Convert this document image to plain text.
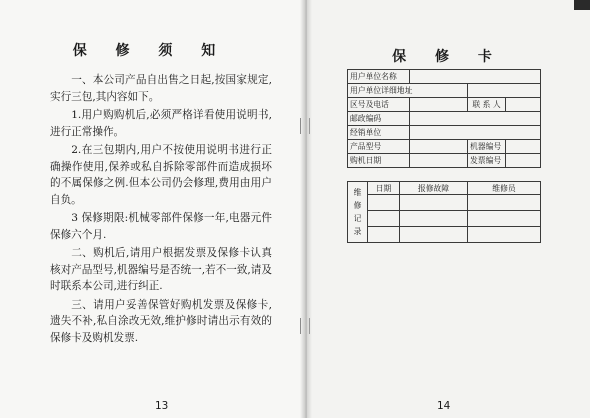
保 修 须 知

一、本公司产品自出售之日起,按国家规定,实行三包,其内容如下。

1.用户购购机后,必须严格详看使用说明书,进行正常操作。

2.在三包期内,用户不按使用说明书进行正确操作使用,保养或私自拆除零部件而造成损坏的不属保修之例.但本公司仍会修理,费用由用户自负。

3 保修期限:机械零部件保修一年,电器元件保修六个月.

二、购机后,请用户根据发票及保修卡认真核对产品型号,机器编号是否统一,若不一致,请及时联系本公司,进行纠正.

三、请用户妥善保管好购机发票及保修卡,遗失不补,私自涂改无效,维护修时请出示有效的保修卡及购机发票.

13
保 修 卡
用户单位名称			
用户单位详细地址			
区号及电话		联 系 人	
邮政编码			
经销单位			
产品型号		机器编号	
购机日期		发票编号	
维
修
记
录	日期	报修故障	维修员

14
